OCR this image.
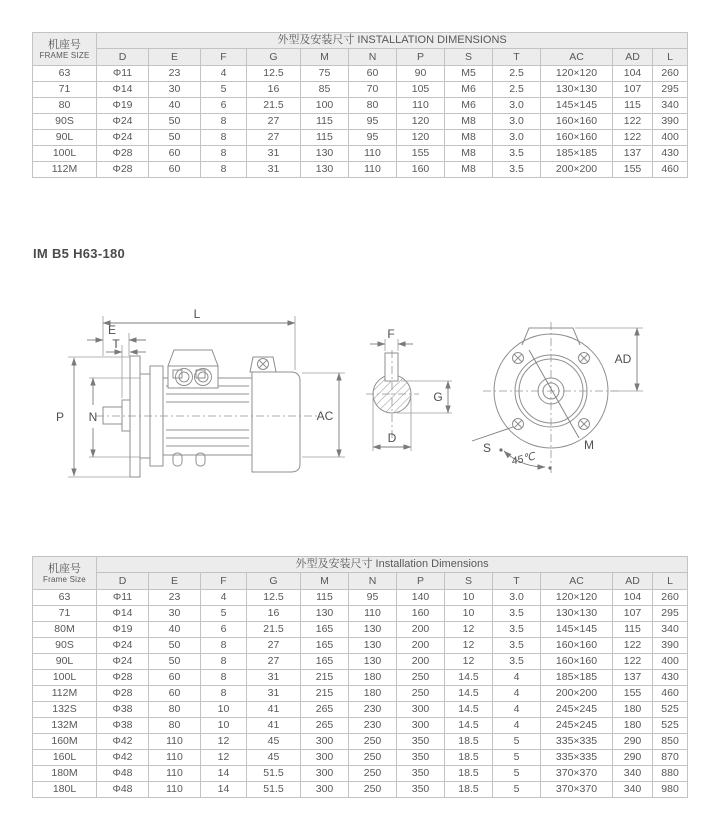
机座号
FRAME SIZE	外型及安装尺寸 INSTALLATION DIMENSIONS											
	D	E	F	G	M	N	P	S	T	AC	AD	L
63	Φ11	23	4	12.5	75	60	90	M5	2.5	120×120	104	260
71	Φ14	30	5	16	85	70	105	M6	2.5	130×130	107	295
80	Φ19	40	6	21.5	100	80	110	M6	3.0	145×145	115	340
90S	Φ24	50	8	27	115	95	120	M8	3.0	160×160	122	390
90L	Φ24	50	8	27	115	95	120	M8	3.0	160×160	122	400
100L	Φ28	60	8	31	130	110	155	M8	3.5	185×185	137	430
112M	Φ28	60	8	31	130	110	160	M8	3.5	200×200	155	460
IM B5 H63-180
L
E
T
P N	AC
F
G
D
AD
M
S
45℃
机座号
Frame Size	外型及安装尺寸 Installation Dimensions											
	D	E	F	G	M	N	P	S	T	AC	AD	L
63	Φ11	23	4	12.5	115	95	140	10	3.0	120×120	104	260
71	Φ14	30	5	16	130	110	160	10	3.5	130×130	107	295
80M	Φ19	40	6	21.5	165	130	200	12	3.5	145×145	115	340
90S	Φ24	50	8	27	165	130	200	12	3.5	160×160	122	390
90L	Φ24	50	8	27	165	130	200	12	3.5	160×160	122	400
100L	Φ28	60	8	31	215	180	250	14.5	4	185×185	137	430
112M	Φ28	60	8	31	215	180	250	14.5	4	200×200	155	460
132S	Φ38	80	10	41	265	230	300	14.5	4	245×245	180	525
132M	Φ38	80	10	41	265	230	300	14.5	4	245×245	180	525
160M	Φ42	110	12	45	300	250	350	18.5	5	335×335	290	850
160L	Φ42	110	12	45	300	250	350	18.5	5	335×335	290	870
180M	Φ48	110	14	51.5	300	250	350	18.5	5	370×370	340	880
180L	Φ48	110	14	51.5	300	250	350	18.5	5	370×370	340	980
